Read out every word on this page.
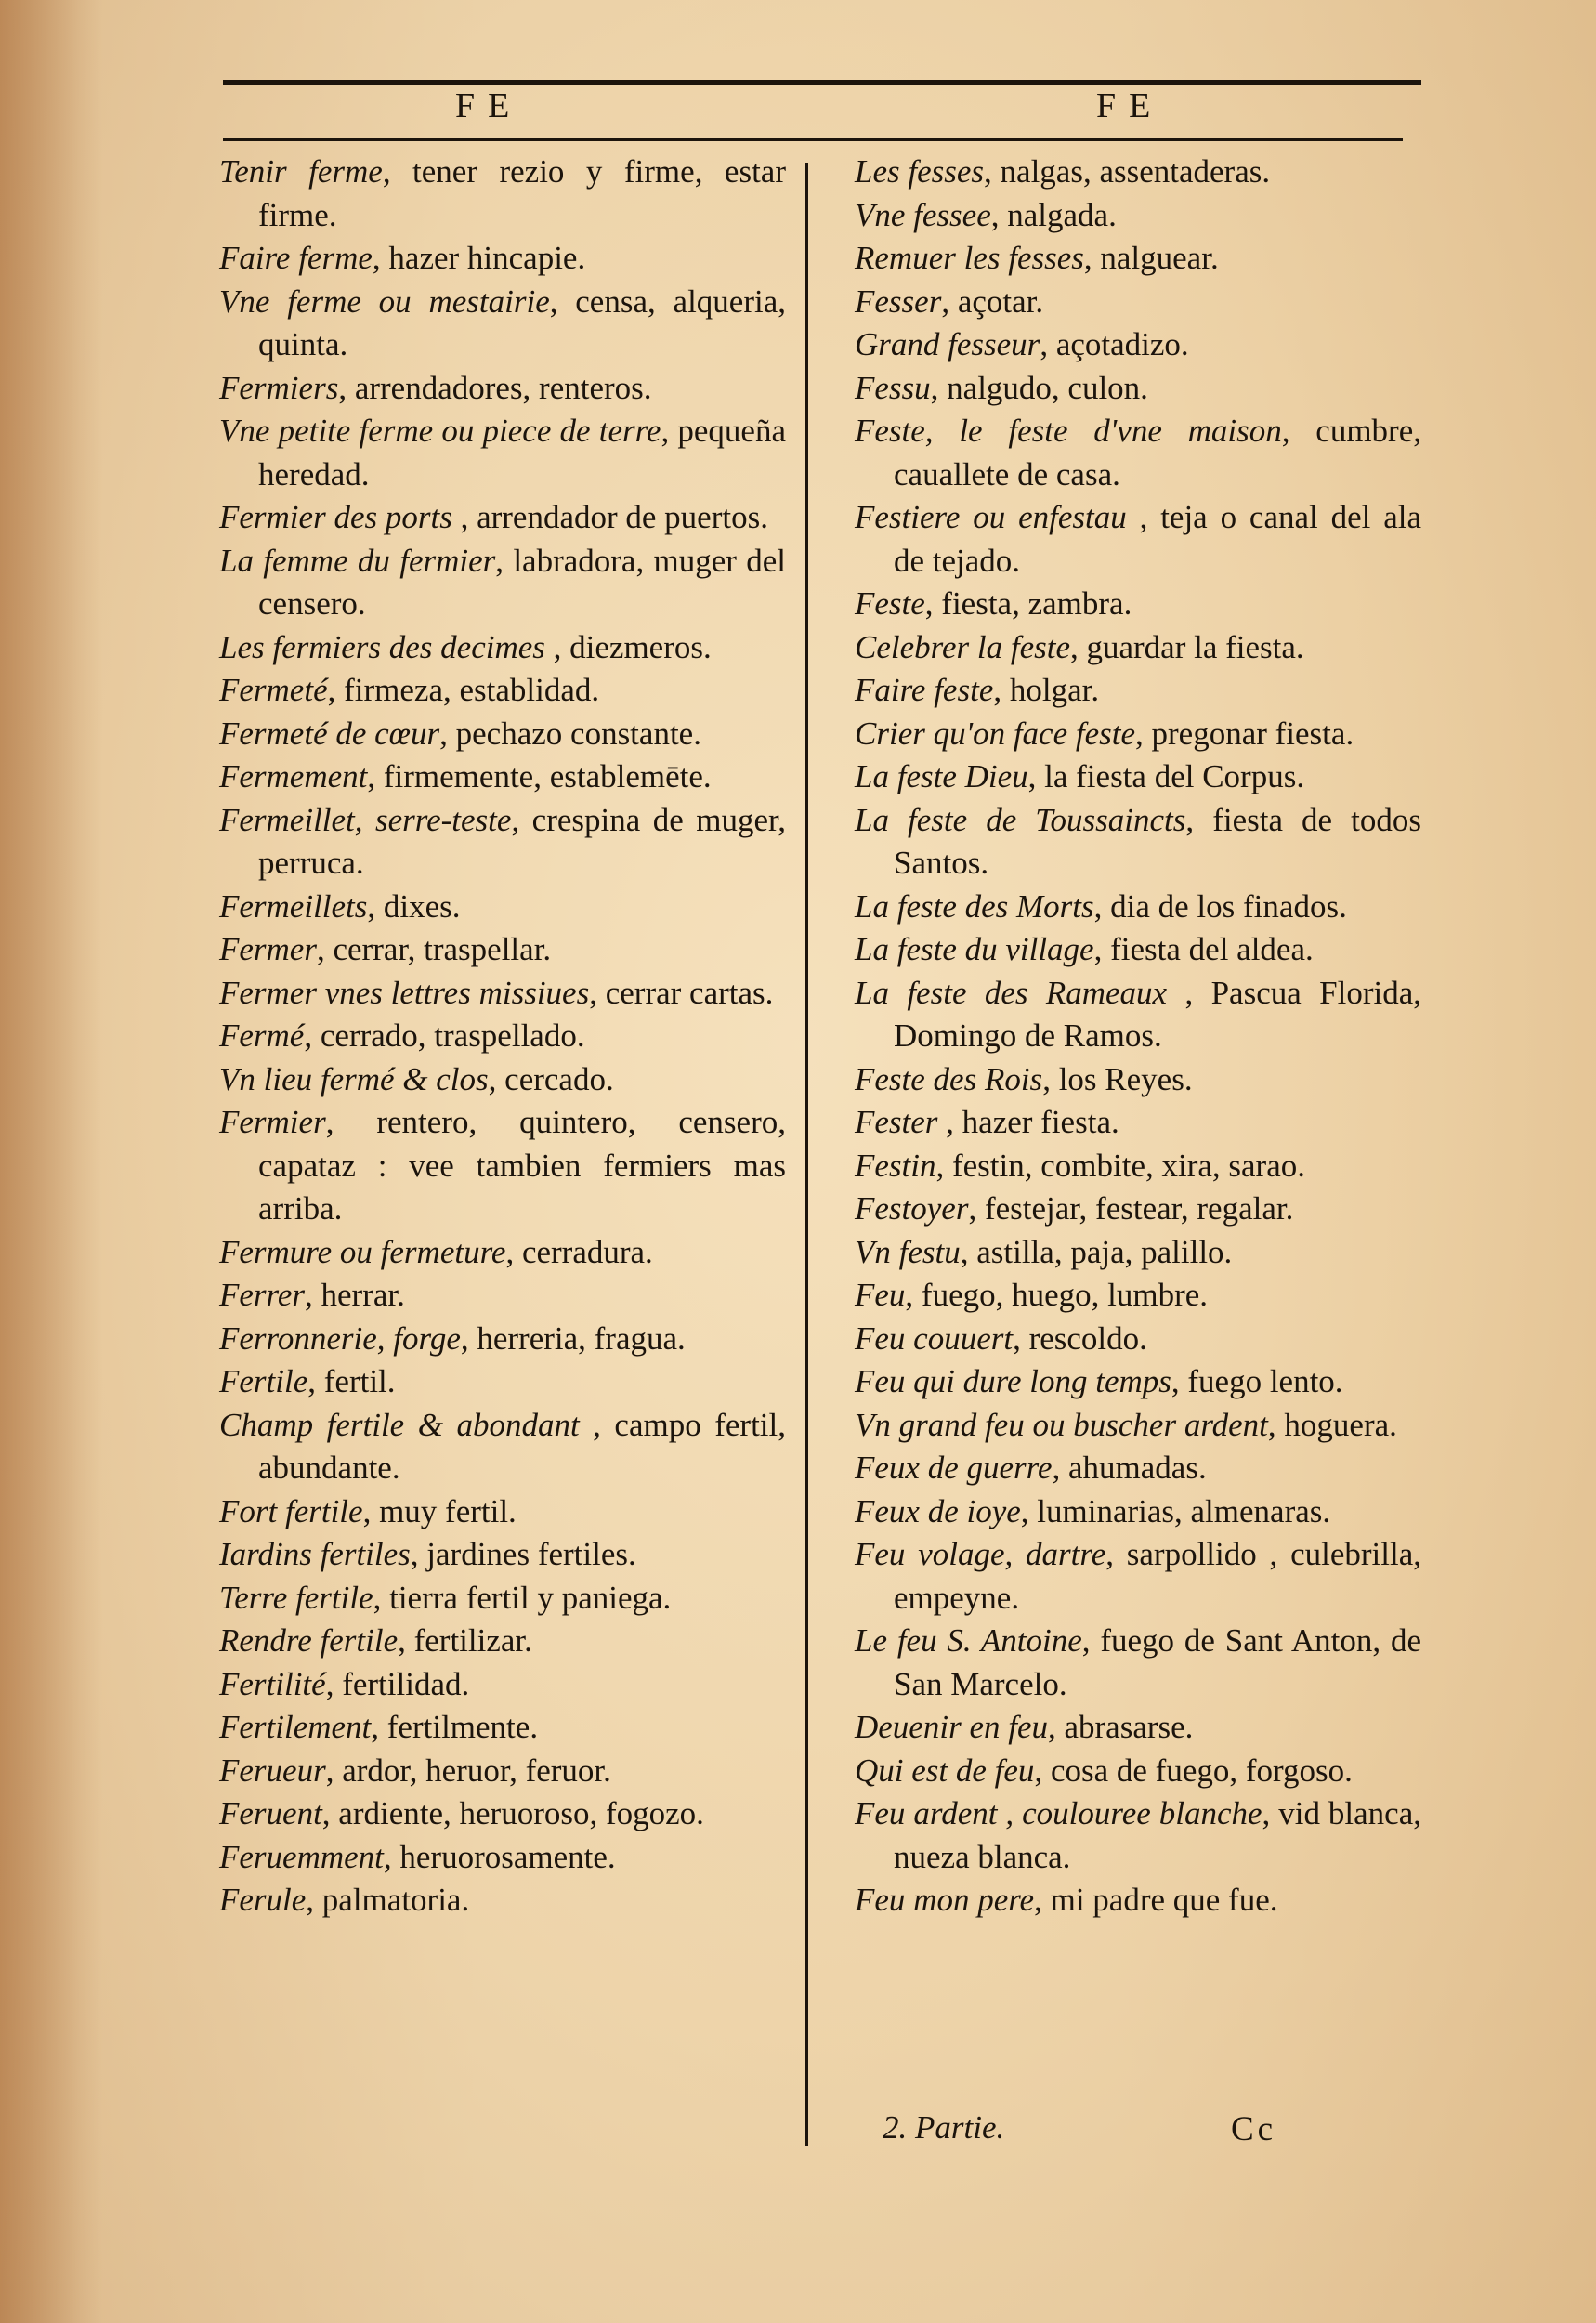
FE	FE

Tenir ferme, tener rezio y firme, estar firme.

Faire ferme, hazer hincapie.

Vne ferme ou mestairie, censa, alqueria, quinta.

Fermiers, arrendadores, renteros.

Vne petite ferme ou piece de terre, pequeña heredad.

Fermier des ports , arrendador de puertos.

La femme du fermier, labradora, muger del censero.

Les fermiers des decimes , diezmeros.

Fermeté, firmeza, establidad.

Fermeté de cœur, pechazo constante.

Fermement, firmemente, establemēte.

Fermeillet, serre-teste, crespina de muger, perruca.

Fermeillets, dixes.

Fermer, cerrar, traspellar.

Fermer vnes lettres missiues, cerrar cartas.

Fermé, cerrado, traspellado.

Vn lieu fermé & clos, cercado.

Fermier, rentero, quintero, censero, capataz : vee tambien fermiers mas arriba.

Fermure ou fermeture, cerradura.

Ferrer, herrar.

Ferronnerie, forge, herreria, fragua.

Fertile, fertil.

Champ fertile & abondant , campo fertil, abundante.

Fort fertile, muy fertil.

Iardins fertiles, jardines fertiles.

Terre fertile, tierra fertil y paniega.

Rendre fertile, fertilizar.

Fertilité, fertilidad.

Fertilement, fertilmente.

Ferueur, ardor, heruor, feruor.

Feruent, ardiente, heruoroso, fogozo.

Feruemment, heruorosamente.

Ferule, palmatoria.

Les fesses, nalgas, assentaderas.

Vne fessee, nalgada.

Remuer les fesses, nalguear.

Fesser, açotar.

Grand fesseur, açotadizo.

Fessu, nalgudo, culon.

Feste, le feste d'vne maison, cumbre, cauallete de casa.

Festiere ou enfestau , teja o canal del ala de tejado.

Feste, fiesta, zambra.

Celebrer la feste, guardar la fiesta.

Faire feste, holgar.

Crier qu'on face feste, pregonar fiesta.

La feste Dieu, la fiesta del Corpus.

La feste de Toussaincts, fiesta de todos Santos.

La feste des Morts, dia de los finados.

La feste du village, fiesta del aldea.

La feste des Rameaux , Pascua Florida, Domingo de Ramos.

Feste des Rois, los Reyes.

Fester , hazer fiesta.

Festin, festin, combite, xira, sarao.

Festoyer, festejar, festear, regalar.

Vn festu, astilla, paja, palillo.

Feu, fuego, huego, lumbre.

Feu couuert, rescoldo.

Feu qui dure long temps, fuego lento.

Vn grand feu ou buscher ardent, hoguera.

Feux de guerre, ahumadas.

Feux de ioye, luminarias, almenaras.

Feu volage, dartre, sarpollido , culebrilla, empeyne.

Le feu S. Antoine, fuego de Sant Anton, de San Marcelo.

Deuenir en feu, abrasarse.

Qui est de feu, cosa de fuego, forgoso.

Feu ardent , coulouree blanche, vid blanca, nueza blanca.

Feu mon pere, mi padre que fue.

2. Partie.	Cc
